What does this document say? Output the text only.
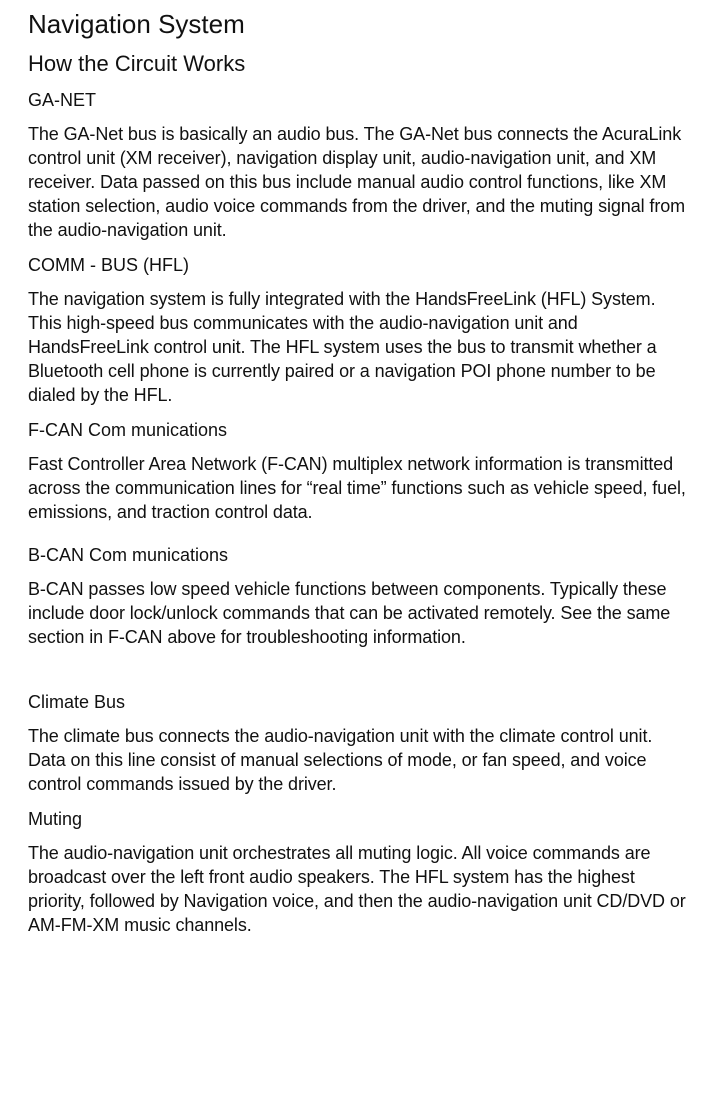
Navigation System
How the Circuit Works
GA-NET

The GA-Net bus is basically an audio bus. The GA-Net bus connects the AcuraLink control unit (XM receiver), navigation display unit, audio-navigation unit, and XM receiver. Data passed on this bus include manual audio control functions, like XM station selection, audio voice commands from the driver, and the muting signal from the audio-navigation unit.

COMM - BUS (HFL)

The navigation system is fully integrated with the HandsFreeLink (HFL) System. This high-speed bus communicates with the audio-navigation unit and HandsFreeLink control unit. The HFL system uses the bus to transmit whether a Bluetooth cell phone is currently paired or a navigation POI phone number to be dialed by the HFL.

F-CAN Com munications

Fast Controller Area Network (F-CAN) multiplex network information is transmitted across the communication lines for “real time” functions such as vehicle speed, fuel, emissions, and traction control data.

B-CAN Com munications

B-CAN passes low speed vehicle functions between components. Typically these include door lock/unlock commands that can be activated remotely. See the same section in F-CAN above for troubleshooting information.

Climate Bus

The climate bus connects the audio-navigation unit with the climate control unit. Data on this line consist of manual selections of mode, or fan speed, and voice control commands issued by the driver.

Muting

The audio-navigation unit orchestrates all muting logic. All voice commands are broadcast over the left front audio speakers. The HFL system has the highest priority, followed by Navigation voice, and then the audio-navigation unit CD/DVD or AM-FM-XM music channels.
